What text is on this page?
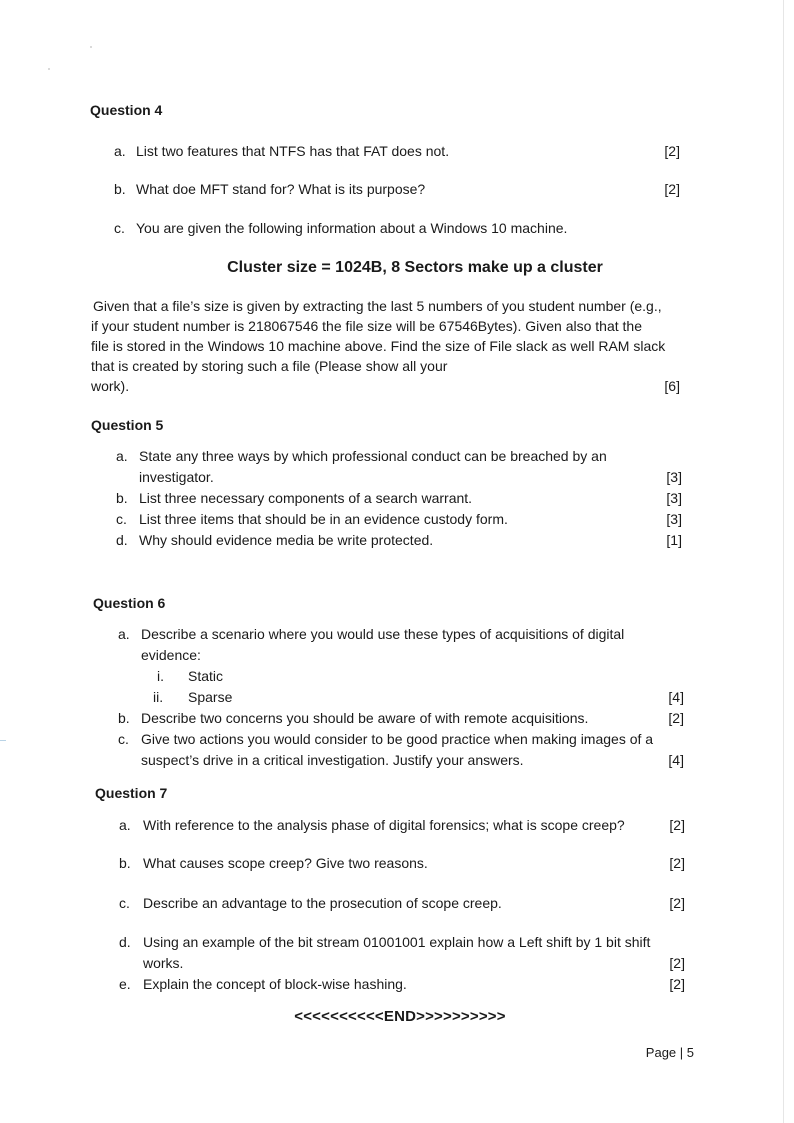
Question 4
a. List two features that NTFS has that FAT does not.	[2]
b. What doe MFT stand for? What is its purpose?	[2]
c. You are given the following information about a Windows 10 machine.
Cluster size = 1024B, 8 Sectors make up a cluster
Given that a file’s size is given by extracting the last 5 numbers of you student number (e.g.,
if your student number is 218067546 the file size will be 67546Bytes). Given also that the
file is stored in the Windows 10 machine above. Find the size of File slack as well RAM slack
that is created by storing such a file (Please show all your
work).	[6]
Question 5
a. State any three ways by which professional conduct can be breached by an
investigator.	[3]
b. List three necessary components of a search warrant.	[3]
c. List three items that should be in an evidence custody form.	[3]
d. Why should evidence media be write protected.	[1]
Question 6
a. Describe a scenario where you would use these types of acquisitions of digital
evidence:
i. Static
ii. Sparse	[4]
b. Describe two concerns you should be aware of with remote acquisitions.	[2]
c. Give two actions you would consider to be good practice when making images of a
suspect’s drive in a critical investigation. Justify your answers.	[4]
Question 7
a. With reference to the analysis phase of digital forensics; what is scope creep?	[2]
b. What causes scope creep? Give two reasons.	[2]
c. Describe an advantage to the prosecution of scope creep.	[2]
d. Using an example of the bit stream 01001001 explain how a Left shift by 1 bit shift
works.	[2]
e. Explain the concept of block-wise hashing.	[2]
<<<<<<<<<<END>>>>>>>>>>
Page | 5
